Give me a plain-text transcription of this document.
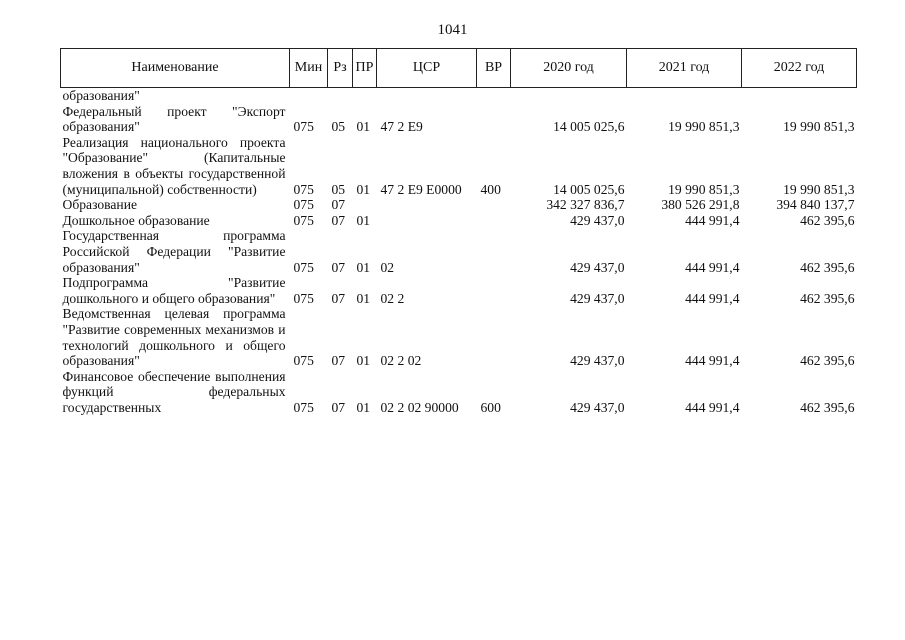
1041
Наименование	Мин	Рз	ПР	ЦСР	ВР	2020 год	2021 год	2022 год
образования"								
Федеральный проект "Экспорт образования"	075	05	01	47 2 E9		14 005 025,6	19 990 851,3	19 990 851,3
Реализация национального проекта "Образование" (Капитальные вложения в объекты государственной (муниципальной) собственности)	075	05	01	47 2 E9 E0000	400	14 005 025,6	19 990 851,3	19 990 851,3
Образование	075	07				342 327 836,7	380 526 291,8	394 840 137,7
Дошкольное образование	075	07	01			429 437,0	444 991,4	462 395,6
Государственная программа Российской Федерации "Развитие образования"	075	07	01	02		429 437,0	444 991,4	462 395,6
Подпрограмма "Развитие дошкольного и общего образования"	075	07	01	02 2		429 437,0	444 991,4	462 395,6
Ведомственная целевая программа "Развитие современных механизмов и технологий дошкольного и общего образования"	075	07	01	02 2 02		429 437,0	444 991,4	462 395,6
Финансовое обеспечение выполнения функций федеральных государственных	075	07	01	02 2 02 90000	600	429 437,0	444 991,4	462 395,6
